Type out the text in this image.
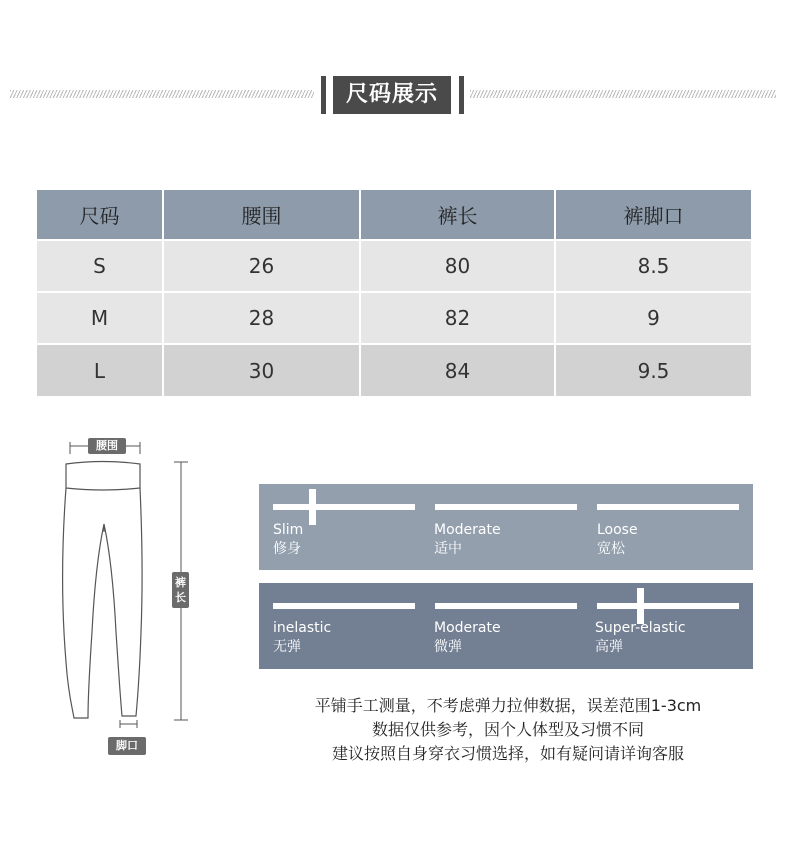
尺码展示
尺码	腰围	裤长	裤脚口
S	26	80	8.5
M	28	82	9
L	30	84	9.5
腰围
裤长
脚口
Slim
修身
Moderate
适中
Loose
宽松
inelastic
无弹
Moderate
微弹
Super-elastic
高弹
平铺手工测量，不考虑弹力拉伸数据，误差范围1-3cm
数据仅供参考，因个人体型及习惯不同
建议按照自身穿衣习惯选择，如有疑问请详询客服
